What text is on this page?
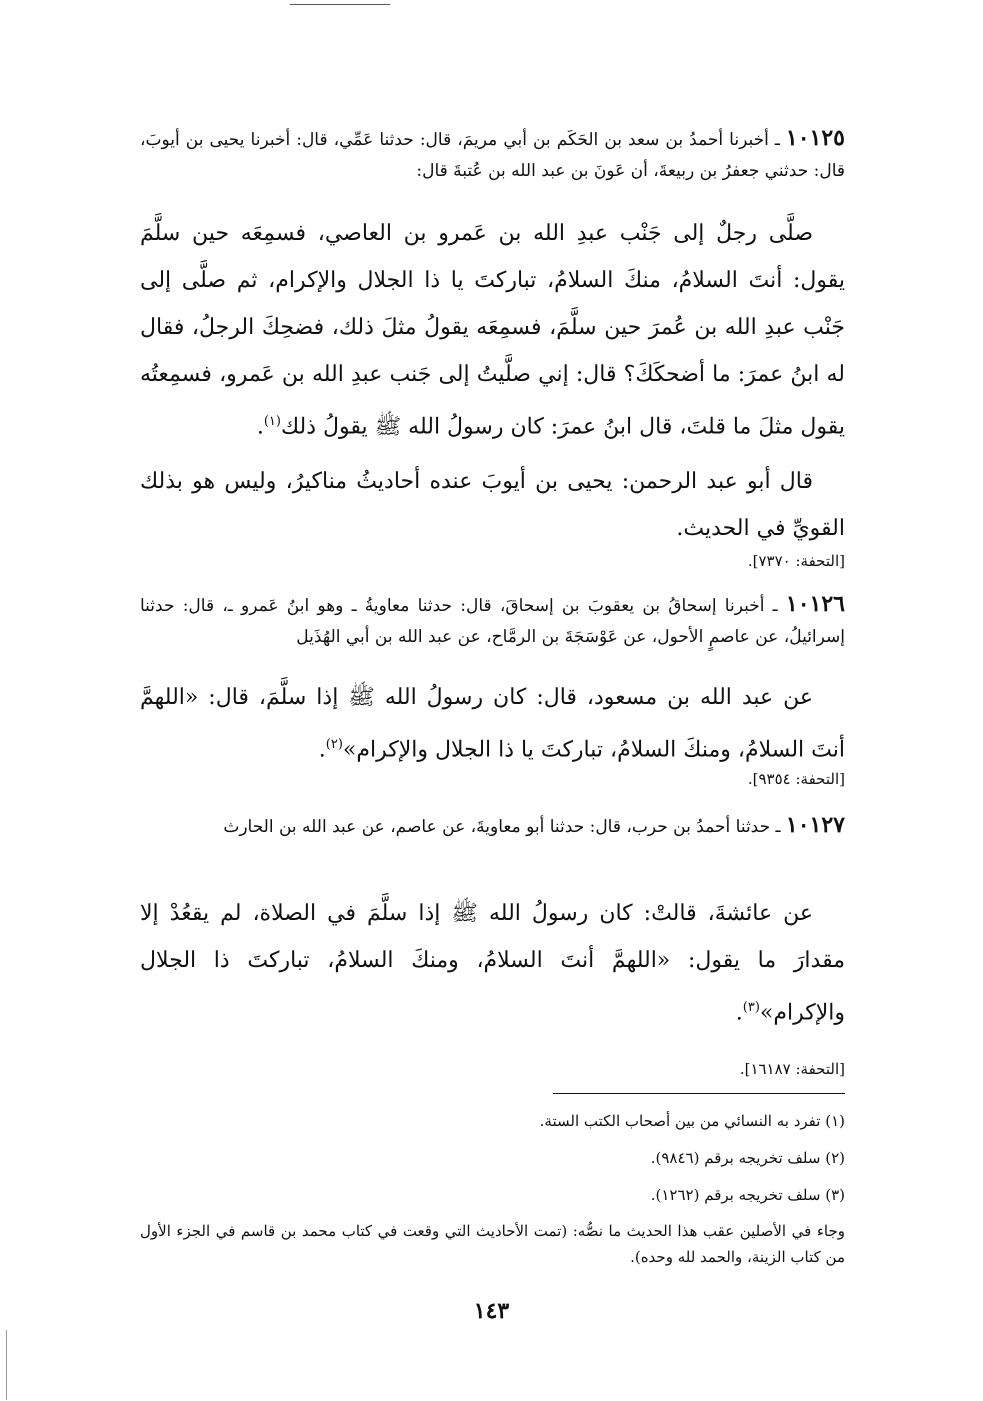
١٠١٢٥ ـ أخبرنا أحمدُ بن سعد بن الحَكَم بن أبي مريمَ، قال: حدثنا عَمِّي، قال: أخبرنا يحيى بن أيوبَ، قال: حدثني جعفرُ بن ربيعةَ، أن عَونَ بن عبد الله بن عُتبةَ قال:
صلَّى رجلٌ إلى جَنْب عبدِ الله بن عَمرو بن العاصي، فسمِعَه حين سلَّمَ يقول: أنتَ السلامُ، منكَ السلامُ، تباركتَ يا ذا الجلال والإكرام، ثم صلَّى إلى جَنْب عبدِ الله بن عُمرَ حين سلَّمَ، فسمِعَه يقولُ مثلَ ذلك، فضحِكَ الرجلُ، فقال له ابنُ عمرَ: ما أضحكَكَ؟ قال: إني صلَّيتُ إلى جَنب عبدِ الله بن عَمرو، فسمِعتُه يقول مثلَ ما قلتَ، قال ابنُ عمرَ: كان رسولُ الله ﷺ يقولُ ذلك$^{(١)}$.
قال أبو عبد الرحمن: يحيى بن أيوبَ عنده أحاديثُ مناكيرُ، وليس هو بذلك القويِّ في الحديث.
[التحفة: ٧٣٧٠].
١٠١٢٦ ـ أخبرنا إسحاقُ بن يعقوبَ بن إسحاقَ، قال: حدثنا معاويةُ ـ وهو ابنُ عَمرو ـ، قال: حدثنا إسرائيلُ، عن عاصمٍ الأحول، عن عَوْسَجَةَ بن الرمَّاح، عن عبد الله بن أبي الهُذَيل
عن عبد الله بن مسعود، قال: كان رسولُ الله ﷺ إذا سلَّمَ، قال: «اللهمَّ أنتَ السلامُ، ومنكَ السلامُ، تباركتَ يا ذا الجلال والإكرام»$^{(٢)}$.
[التحفة: ٩٣٥٤].
١٠١٢٧ ـ حدثنا أحمدُ بن حرب، قال: حدثنا أبو معاويةَ، عن عاصم، عن عبد الله بن الحارث
عن عائشةَ، قالتْ: كان رسولُ الله ﷺ إذا سلَّمَ في الصلاة، لم يقعُدْ إلا مقدارَ ما يقول: «اللهمَّ أنتَ السلامُ، ومنكَ السلامُ، تباركتَ ذا الجلال والإكرام»$^{(٣)}$.
[التحفة: ١٦١٨٧].
(١) تفرد به النسائي من بين أصحاب الكتب الستة.
(٢) سلف تخريجه برقم (٩٨٤٦).
(٣) سلف تخريجه برقم (١٢٦٢).
وجاء في الأصلين عقب هذا الحديث ما نصُّه: (تمت الأحاديث التي وقعت في كتاب محمد بن قاسم في الجزء الأول من كتاب الزينة، والحمد لله وحده).
١٤٣
